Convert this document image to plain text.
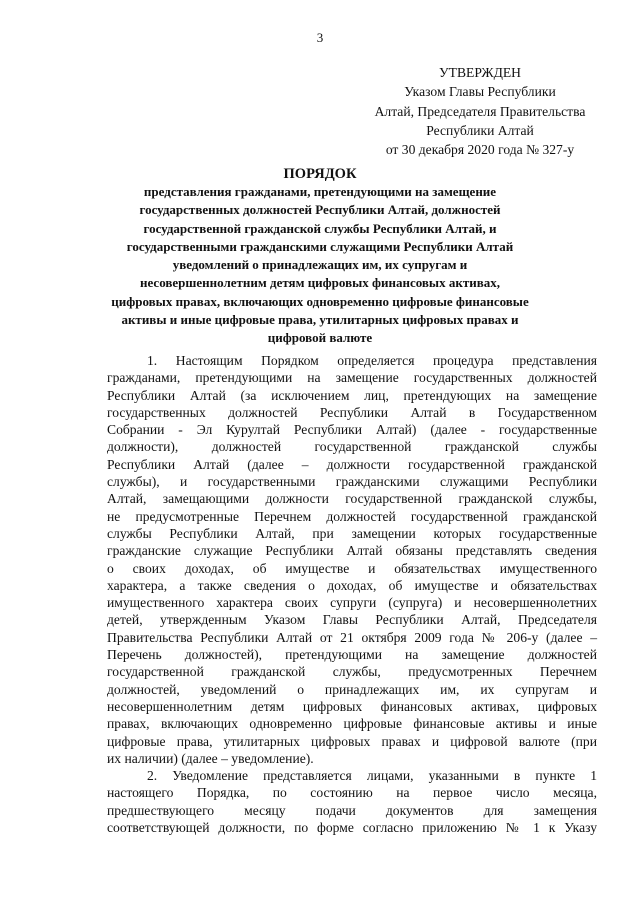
3
УТВЕРЖДЕН
Указом Главы Республики
Алтай, Председателя Правительства
Республики Алтай
от 30 декабря 2020 года № 327-у
ПОРЯДОК
представления гражданами, претендующими на замещение
государственных должностей Республики Алтай, должностей
государственной гражданской службы Республики Алтай, и
государственными гражданскими служащими Республики Алтай
уведомлений о принадлежащих им, их супругам и
несовершеннолетним детям цифровых финансовых активах,
цифровых правах, включающих одновременно цифровые финансовые
активы и иные цифровые права, утилитарных цифровых правах и
цифровой валюте
1. Настоящим Порядком определяется процедура представления
гражданами, претендующими на замещение государственных должностей
Республики Алтай (за исключением лиц, претендующих на замещение
государственных должностей Республики Алтай в Государственном
Собрании - Эл Курултай Республики Алтай) (далее - государственные
должности), должностей государственной гражданской службы
Республики Алтай (далее – должности государственной гражданской
службы), и государственными гражданскими служащими Республики
Алтай, замещающими должности государственной гражданской службы,
не предусмотренные Перечнем должностей государственной гражданской
службы Республики Алтай, при замещении которых государственные
гражданские служащие Республики Алтай обязаны представлять сведения
о своих доходах, об имуществе и обязательствах имущественного
характера, а также сведения о доходах, об имуществе и обязательствах
имущественного характера своих супруги (супруга) и несовершеннолетних
детей, утвержденным Указом Главы Республики Алтай, Председателя
Правительства Республики Алтай от 21 октября 2009 года № 206-у (далее –
Перечень должностей), претендующими на замещение должностей
государственной гражданской службы, предусмотренных Перечнем
должностей, уведомлений о принадлежащих им, их супругам и
несовершеннолетним детям цифровых финансовых активах, цифровых
правах, включающих одновременно цифровые финансовые активы и иные
цифровые права, утилитарных цифровых правах и цифровой валюте (при
их наличии) (далее – уведомление).
2. Уведомление представляется лицами, указанными в пункте 1
настоящего Порядка, по состоянию на первое число месяца,
предшествующего месяцу подачи документов для замещения
соответствующей должности, по форме согласно приложению № 1 к Указу
